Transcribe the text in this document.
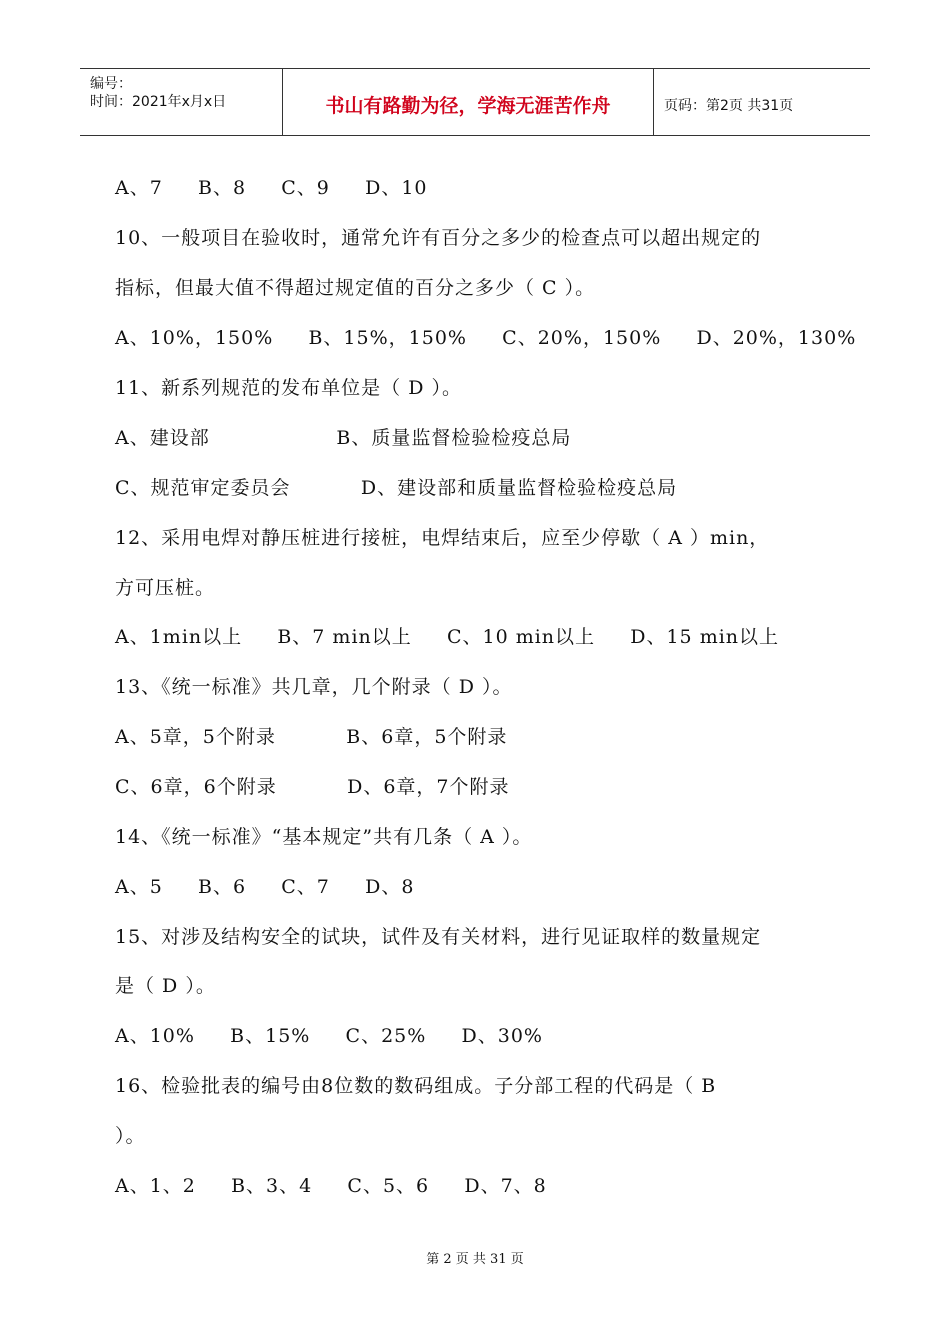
编号：
时间：2021年x月x日	书山有路勤为径，学海无涯苦作舟	页码：第2页 共31页
A、7     B、8     C、9     D、10
10、一般项目在验收时，通常允许有百分之多少的检查点可以超出规定的
指标，但最大值不得超过规定值的百分之多少（ C ）。
A、10%，150%     B、15%，150%     C、20%，150%     D、20%，130%
11、新系列规范的发布单位是（ D ）。
A、建设部                  B、质量监督检验检疫总局
C、规范审定委员会          D、建设部和质量监督检验检疫总局
12、采用电焊对静压桩进行接桩，电焊结束后，应至少停歇（ A ）min，
方可压桩。
A、1min以上     B、7 min以上     C、10 min以上     D、15 min以上
13、《统一标准》共几章，几个附录（ D ）。
A、5章，5个附录          B、6章，5个附录
C、6章，6个附录          D、6章，7个附录
14、《统一标准》“基本规定”共有几条（ A ）。
A、5     B、6     C、7     D、8
15、对涉及结构安全的试块，试件及有关材料，进行见证取样的数量规定
是（ D ）。
A、10%     B、15%     C、25%     D、30%
16、检验批表的编号由8位数的数码组成。子分部工程的代码是（ B
）。
A、1、2     B、3、4     C、5、6     D、7、8
第 2 页 共 31 页
